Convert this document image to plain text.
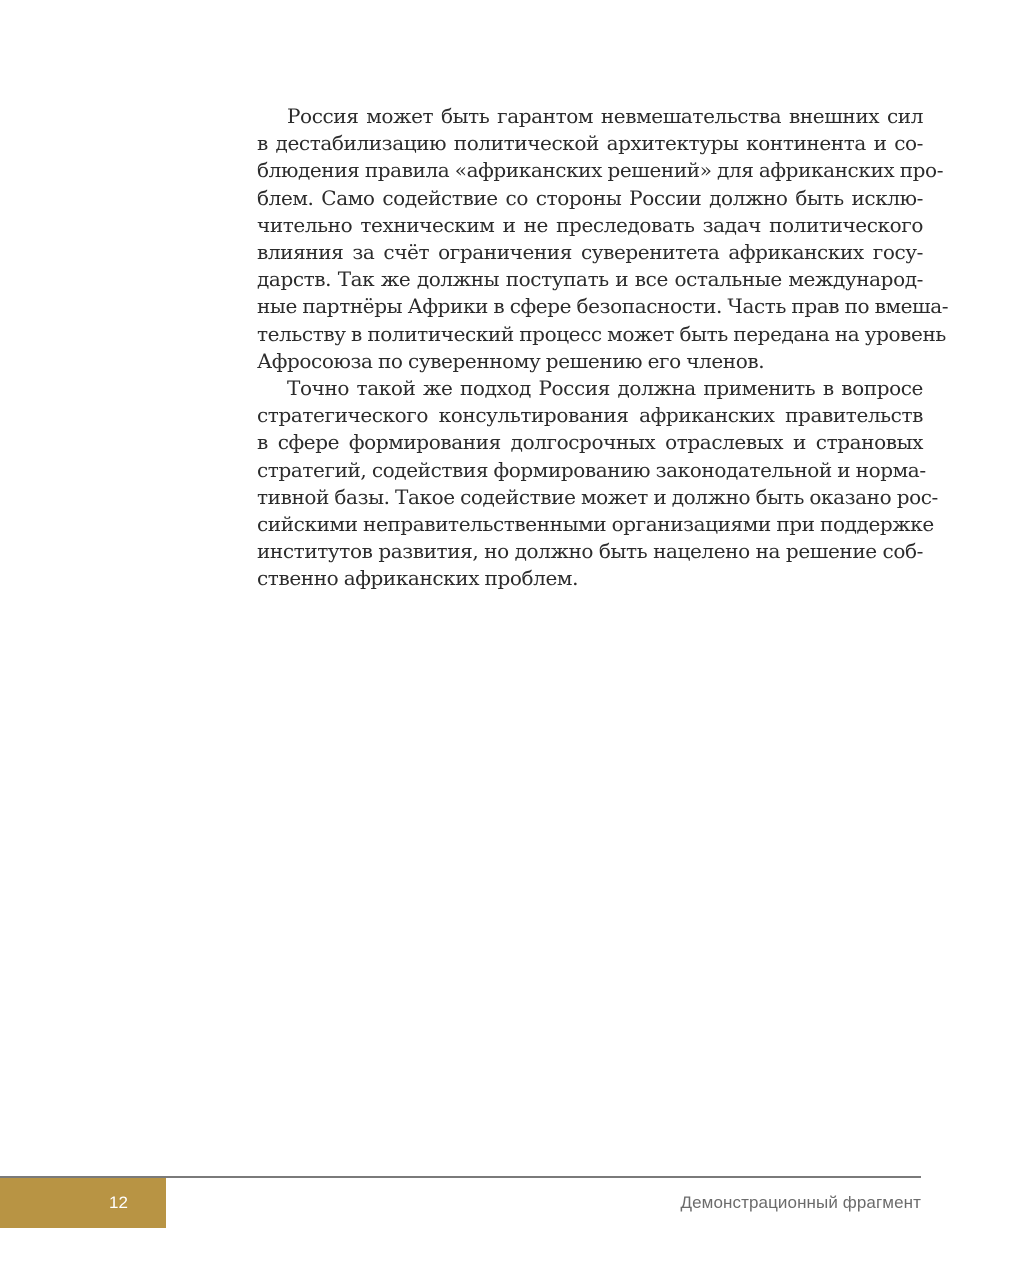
Россия может быть гарантом невмешательства внешних сил
в дестабилизацию политической архитектуры континента и со-
блюдения правила «африканских решений» для африканских про-
блем. Само содействие со стороны России должно быть исклю-
чительно техническим и не преследовать задач политического
влияния за счёт ограничения суверенитета африканских госу-
дарств. Так же должны поступать и все остальные международ-
ные партнёры Африки в сфере безопасности. Часть прав по вмеша-
тельству в политический процесс может быть передана на уровень
Афросоюза по суверенному решению его членов.

Точно такой же подход Россия должна применить в вопросе
стратегического консультирования африканских правительств
в сфере формирования долгосрочных отраслевых и страновых
стратегий, содействия формированию законодательной и норма-
тивной базы. Такое содействие может и должно быть оказано рос-
сийскими неправительственными организациями при поддержке
институтов развития, но должно быть нацелено на решение соб-
ственно африканских проблем.

12	Демонстрационный фрагмент
